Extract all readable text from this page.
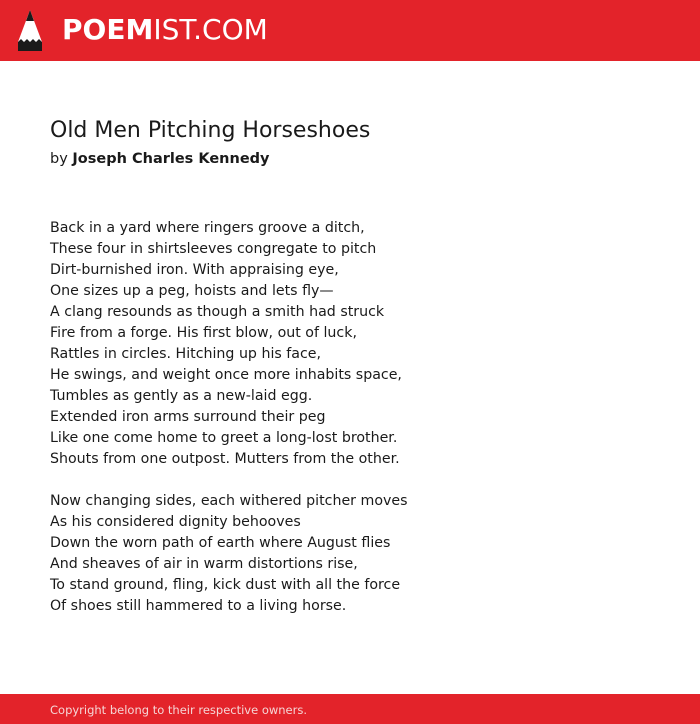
POEMIST.COM
Old Men Pitching Horseshoes
by Joseph Charles Kennedy
Back in a yard where ringers groove a ditch,
These four in shirtsleeves congregate to pitch
Dirt-burnished iron. With appraising eye,
One sizes up a peg, hoists and lets fly—
A clang resounds as though a smith had struck
Fire from a forge. His first blow, out of luck,
Rattles in circles. Hitching up his face,
He swings, and weight once more inhabits space,
Tumbles as gently as a new-laid egg.
Extended iron arms surround their peg
Like one come home to greet a long-lost brother.
Shouts from one outpost. Mutters from the other.
Now changing sides, each withered pitcher moves
As his considered dignity behooves
Down the worn path of earth where August flies
And sheaves of air in warm distortions rise,
To stand ground, fling, kick dust with all the force
Of shoes still hammered to a living horse.
Copyright belong to their respective owners.
